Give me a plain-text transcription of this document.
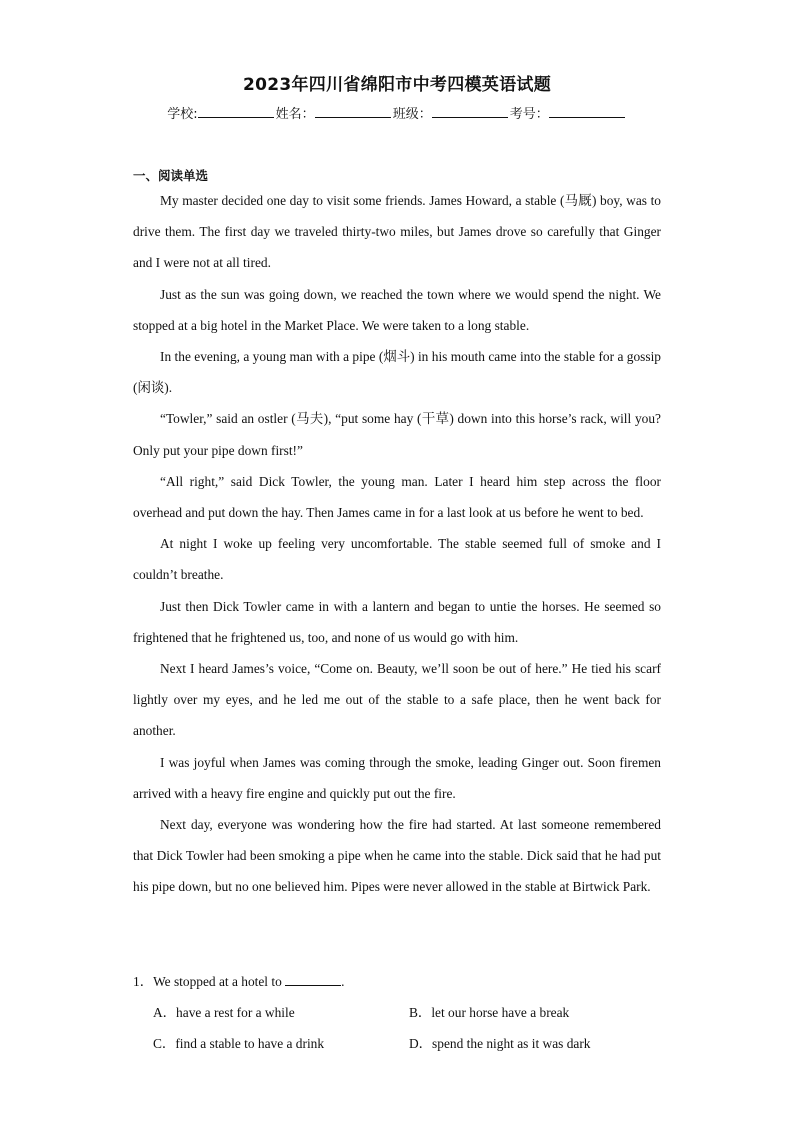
2023年四川省绵阳市中考四模英语试题
学校:	姓名：	班级：	考号：
一、阅读单选

My master decided one day to visit some friends. James Howard, a stable (马厩) boy, was to drive them. The first day we traveled thirty-two miles, but James drove so carefully that Ginger and I were not at all tired.

Just as the sun was going down, we reached the town where we would spend the night. We stopped at a big hotel in the Market Place. We were taken to a long stable.

In the evening, a young man with a pipe (烟斗) in his mouth came into the stable for a gossip (闲谈).

“Towler,” said an ostler (马夫), “put some hay (干草) down into this horse’s rack, will you? Only put your pipe down first!”

“All right,” said Dick Towler, the young man. Later I heard him step across the floor overhead and put down the hay. Then James came in for a last look at us before he went to bed.

At night I woke up feeling very uncomfortable. The stable seemed full of smoke and I couldn’t breathe.

Just then Dick Towler came in with a lantern and began to untie the horses. He seemed so frightened that he frightened us, too, and none of us would go with him.

Next I heard James’s voice, “Come on. Beauty, we’ll soon be out of here.” He tied his scarf lightly over my eyes, and he led me out of the stable to a safe place, then he went back for another.

I was joyful when James was coming through the smoke, leading Ginger out. Soon firemen arrived with a heavy fire engine and quickly put out the fire.

Next day, everyone was wondering how the fire had started. At last someone remembered that Dick Towler had been smoking a pipe when he came into the stable. Dick said that he had put his pipe down, but no one believed him. Pipes were never allowed in the stable at Birtwick Park.

1．We stopped at a hotel to	.
A．have a rest for a while	B．let our horse have a break
C．find a stable to have a drink	D．spend the night as it was dark
